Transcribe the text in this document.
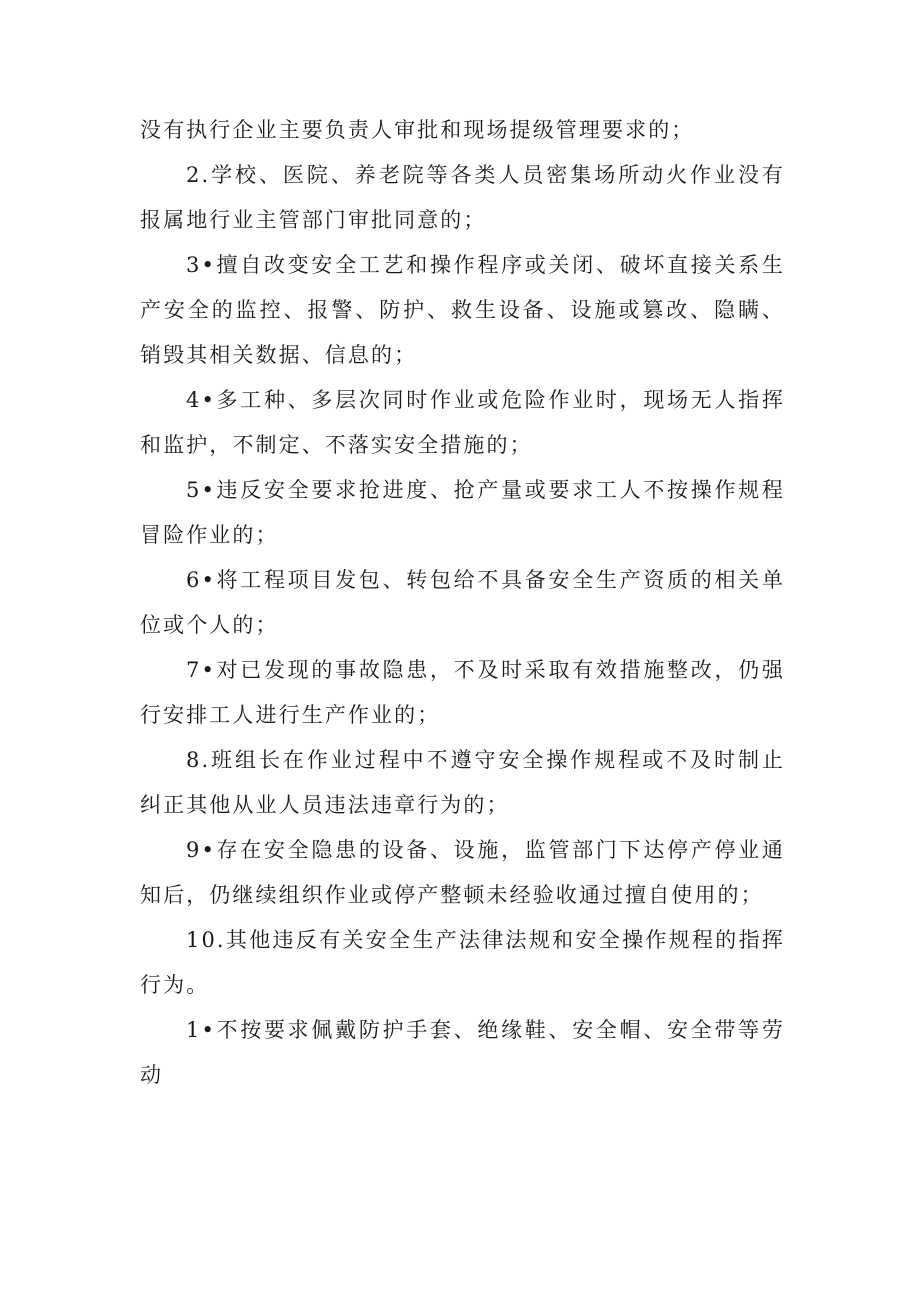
没有执行企业主要负责人审批和现场提级管理要求的；

2.学校、医院、养老院等各类人员密集场所动火作业没有报属地行业主管部门审批同意的；

3•擅自改变安全工艺和操作程序或关闭、破坏直接关系生产安全的监控、报警、防护、救生设备、设施或篡改、隐瞒、销毁其相关数据、信息的；

4•多工种、多层次同时作业或危险作业时，现场无人指挥和监护，不制定、不落实安全措施的；

5•违反安全要求抢进度、抢产量或要求工人不按操作规程冒险作业的；

6•将工程项目发包、转包给不具备安全生产资质的相关单位或个人的；

7•对已发现的事故隐患，不及时采取有效措施整改，仍强行安排工人进行生产作业的；

8.班组长在作业过程中不遵守安全操作规程或不及时制止纠正其他从业人员违法违章行为的；

9•存在安全隐患的设备、设施，监管部门下达停产停业通知后，仍继续组织作业或停产整顿未经验收通过擅自使用的；

10.其他违反有关安全生产法律法规和安全操作规程的指挥行为。

1•不按要求佩戴防护手套、绝缘鞋、安全帽、安全带等劳动
